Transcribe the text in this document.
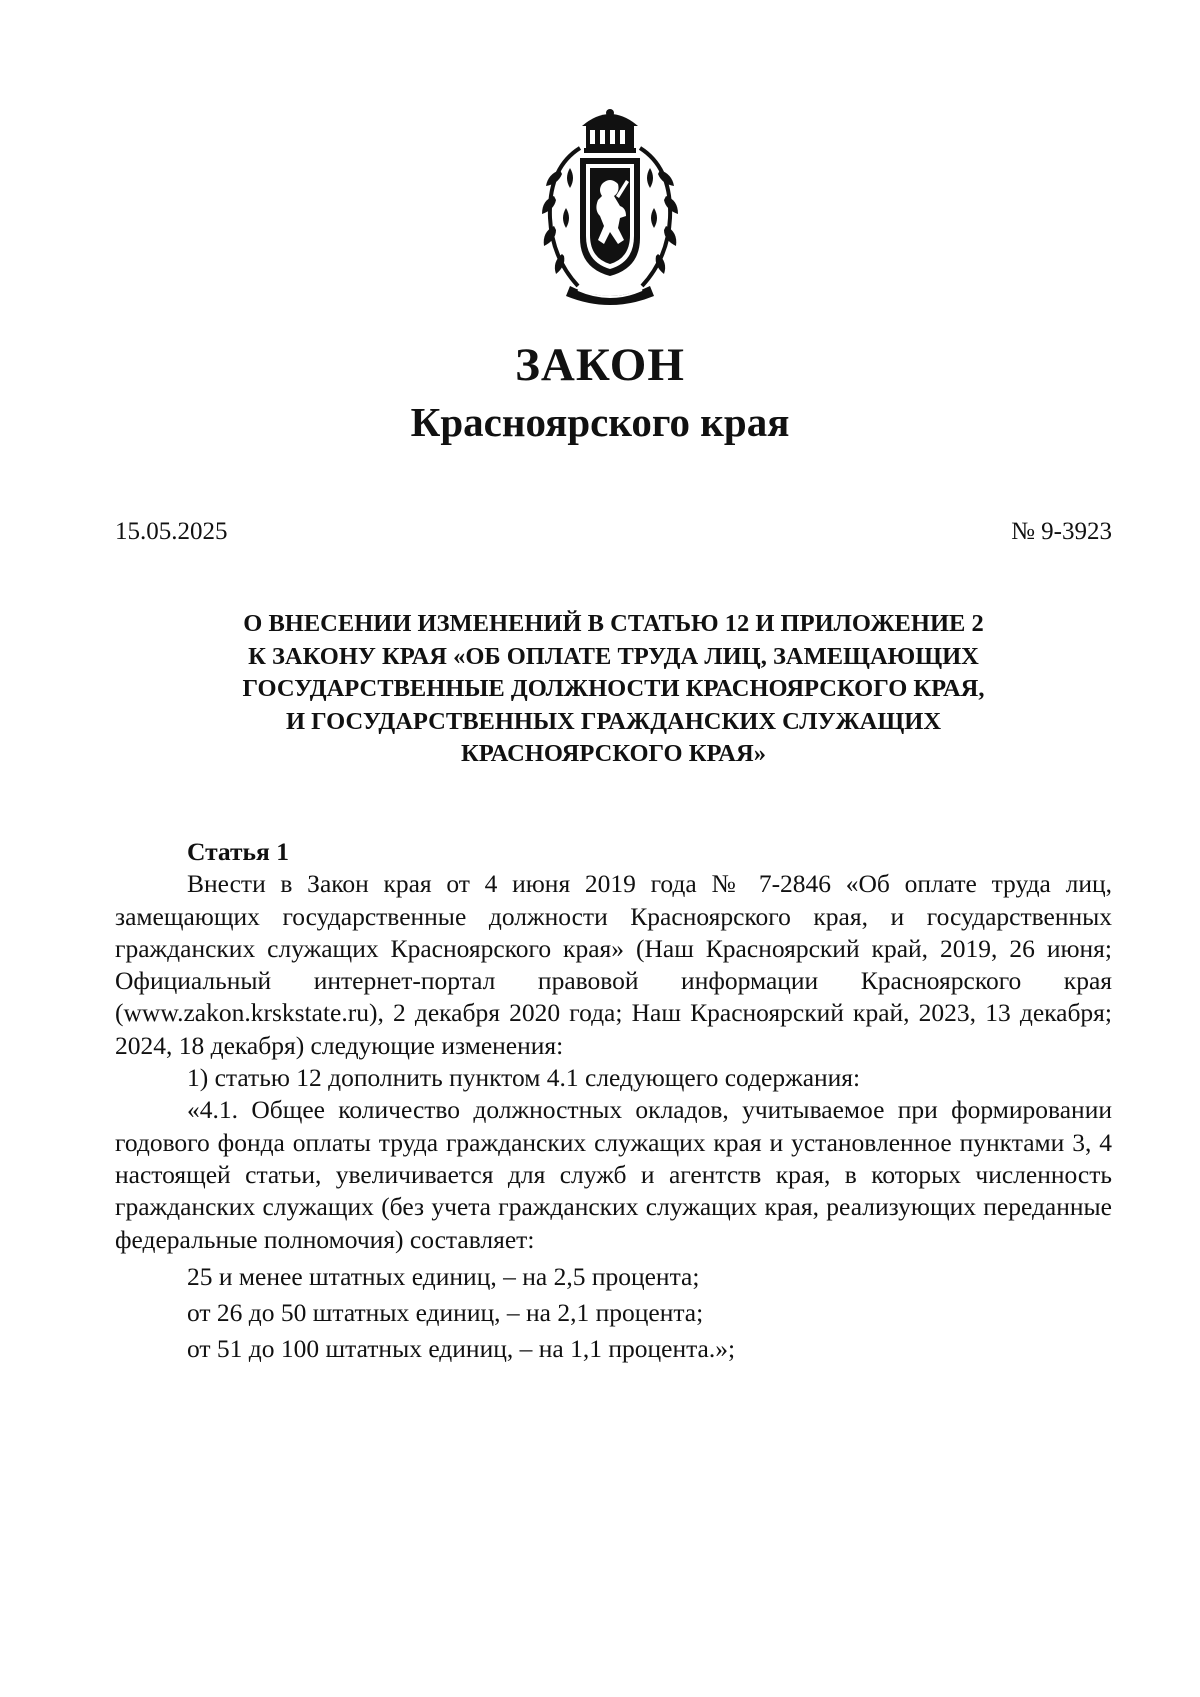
ЗАКОН
Красноярского края
15.05.2025	№ 9-3923
О ВНЕСЕНИИ ИЗМЕНЕНИЙ В СТАТЬЮ 12 И ПРИЛОЖЕНИЕ 2
К ЗАКОНУ КРАЯ «ОБ ОПЛАТЕ ТРУДА ЛИЦ, ЗАМЕЩАЮЩИХ
ГОСУДАРСТВЕННЫЕ ДОЛЖНОСТИ КРАСНОЯРСКОГО КРАЯ,
И ГОСУДАРСТВЕННЫХ ГРАЖДАНСКИХ СЛУЖАЩИХ
КРАСНОЯРСКОГО КРАЯ»
Статья 1

Внести в Закон края от 4 июня 2019 года № 7-2846 «Об оплате труда лиц, замещающих государственные должности Красноярского края, и государственных гражданских служащих Красноярского края» (Наш Красноярский край, 2019, 26 июня; Официальный интернет-портал правовой информации Красноярского края (www.zakon.krskstate.ru), 2 декабря 2020 года; Наш Красноярский край, 2023, 13 декабря; 2024, 18 декабря) следующие изменения:

1) статью 12 дополнить пунктом 4.1 следующего содержания:

«4.1. Общее количество должностных окладов, учитываемое при формировании годового фонда оплаты труда гражданских служащих края и установленное пунктами 3, 4 настоящей статьи, увеличивается для служб и агентств края, в которых численность гражданских служащих (без учета гражданских служащих края, реализующих переданные федеральные полномочия) составляет:

25 и менее штатных единиц, – на 2,5 процента;

от 26 до 50 штатных единиц, – на 2,1 процента;

от 51 до 100 штатных единиц, – на 1,1 процента.»;
